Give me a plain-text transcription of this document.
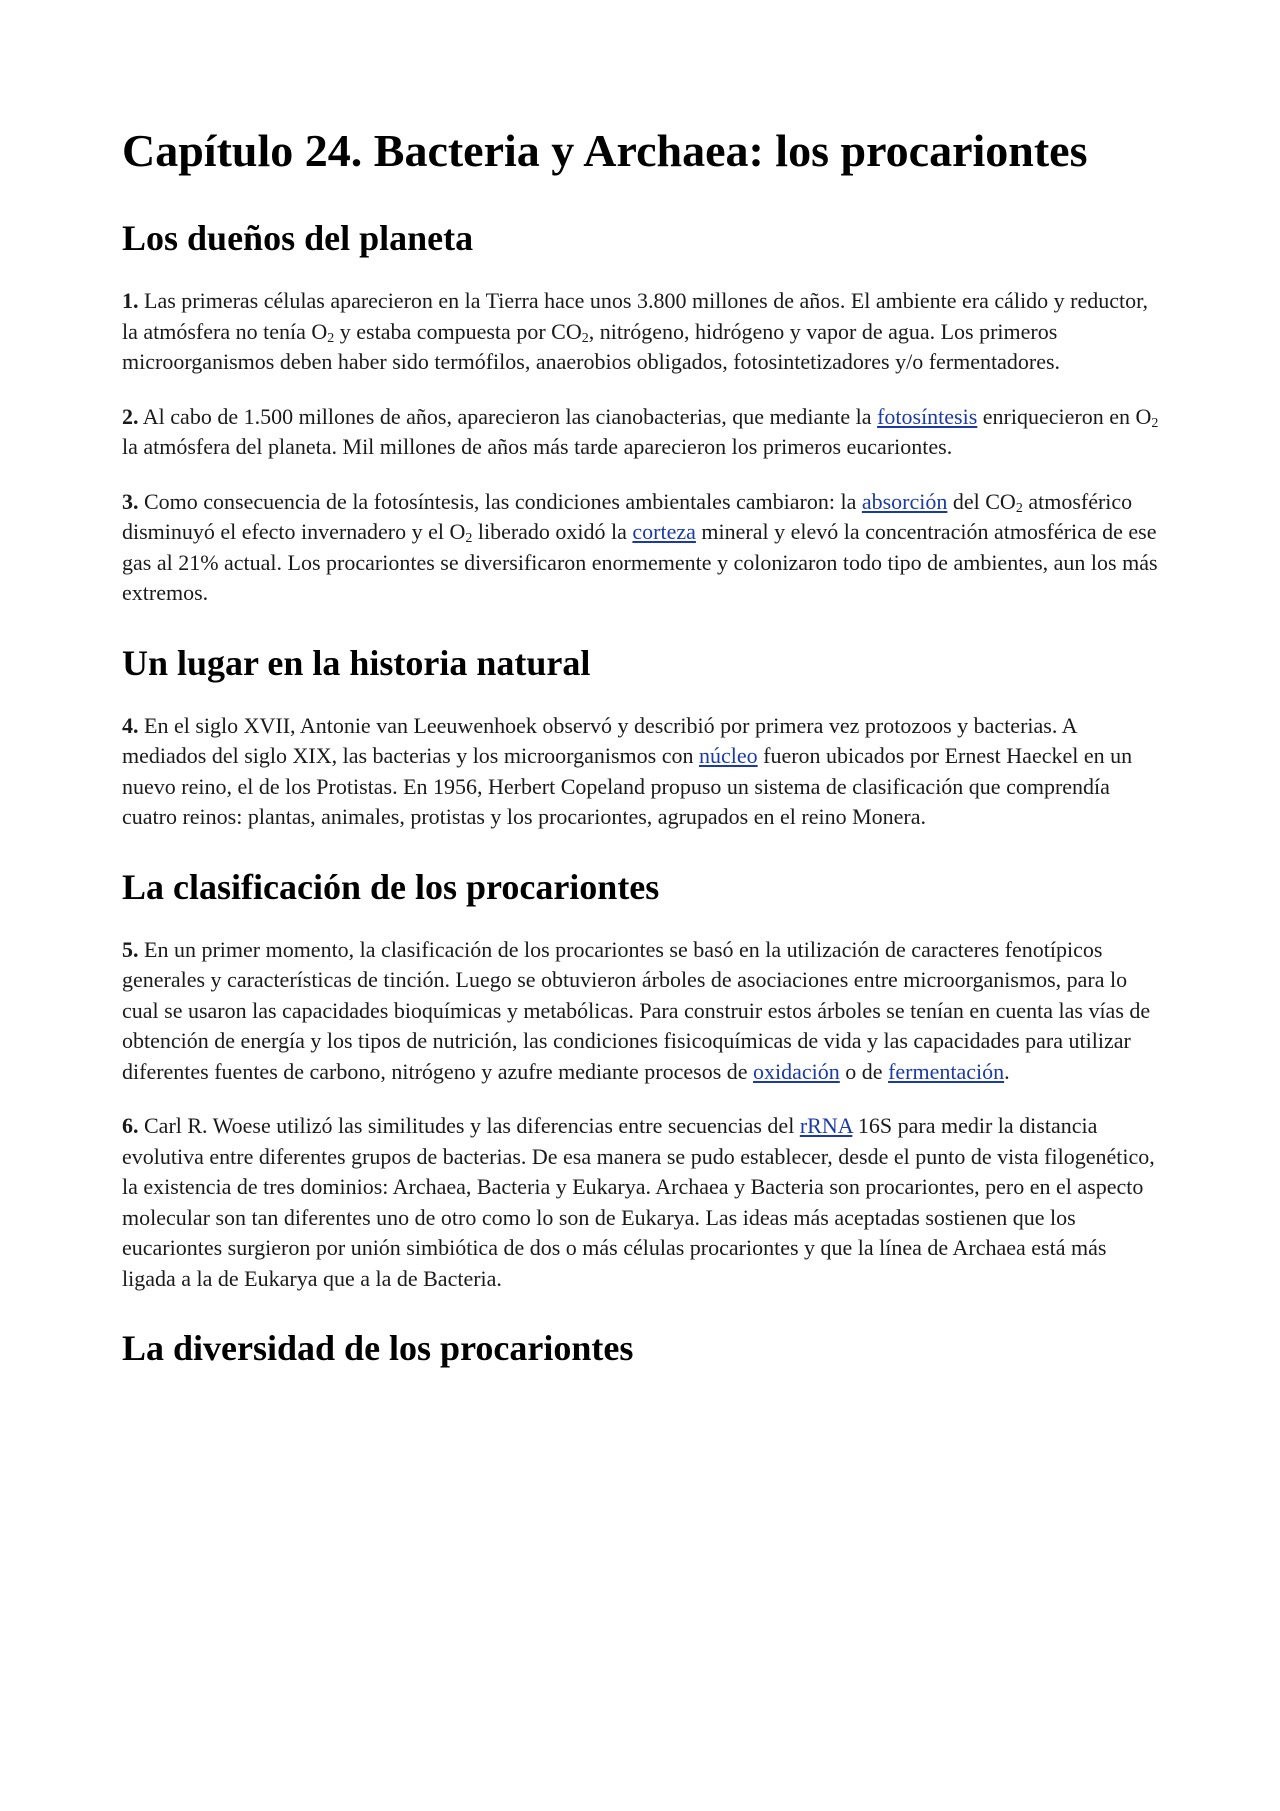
Capítulo 24. Bacteria y Archaea: los procariontes
Los dueños del planeta

1. Las primeras células aparecieron en la Tierra hace unos 3.800 millones de años. El ambiente era cálido y reductor, la atmósfera no tenía $O_2$ y estaba compuesta por $CO_2$, nitrógeno, hidrógeno y vapor de agua. Los primeros microorganismos deben haber sido termófilos, anaerobios obligados, fotosintetizadores y/o fermentadores.

2. Al cabo de 1.500 millones de años, aparecieron las cianobacterias, que mediante la fotosíntesis enriquecieron en $O_2$ la atmósfera del planeta. Mil millones de años más tarde aparecieron los primeros eucariontes.

3. Como consecuencia de la fotosíntesis, las condiciones ambientales cambiaron: la absorción del $CO_2$ atmosférico disminuyó el efecto invernadero y el $O_2$ liberado oxidó la corteza mineral y elevó la concentración atmosférica de ese gas al 21% actual. Los procariontes se diversificaron enormemente y colonizaron todo tipo de ambientes, aun los más extremos.

Un lugar en la historia natural

4. En el siglo XVII, Antonie van Leeuwenhoek observó y describió por primera vez protozoos y bacterias. A mediados del siglo XIX, las bacterias y los microorganismos con núcleo fueron ubicados por Ernest Haeckel en un nuevo reino, el de los Protistas. En 1956, Herbert Copeland propuso un sistema de clasificación que comprendía cuatro reinos: plantas, animales, protistas y los procariontes, agrupados en el reino Monera.

La clasificación de los procariontes

5. En un primer momento, la clasificación de los procariontes se basó en la utilización de caracteres fenotípicos generales y características de tinción. Luego se obtuvieron árboles de asociaciones entre microorganismos, para lo cual se usaron las capacidades bioquímicas y metabólicas. Para construir estos árboles se tenían en cuenta las vías de obtención de energía y los tipos de nutrición, las condiciones fisicoquímicas de vida y las capacidades para utilizar diferentes fuentes de carbono, nitrógeno y azufre mediante procesos de oxidación o de fermentación.

6. Carl R. Woese utilizó las similitudes y las diferencias entre secuencias del rRNA 16S para medir la distancia evolutiva entre diferentes grupos de bacterias. De esa manera se pudo establecer, desde el punto de vista filogenético, la existencia de tres dominios: Archaea, Bacteria y Eukarya. Archaea y Bacteria son procariontes, pero en el aspecto molecular son tan diferentes uno de otro como lo son de Eukarya. Las ideas más aceptadas sostienen que los eucariontes surgieron por unión simbiótica de dos o más células procariontes y que la línea de Archaea está más ligada a la de Eukarya que a la de Bacteria.

La diversidad de los procariontes
